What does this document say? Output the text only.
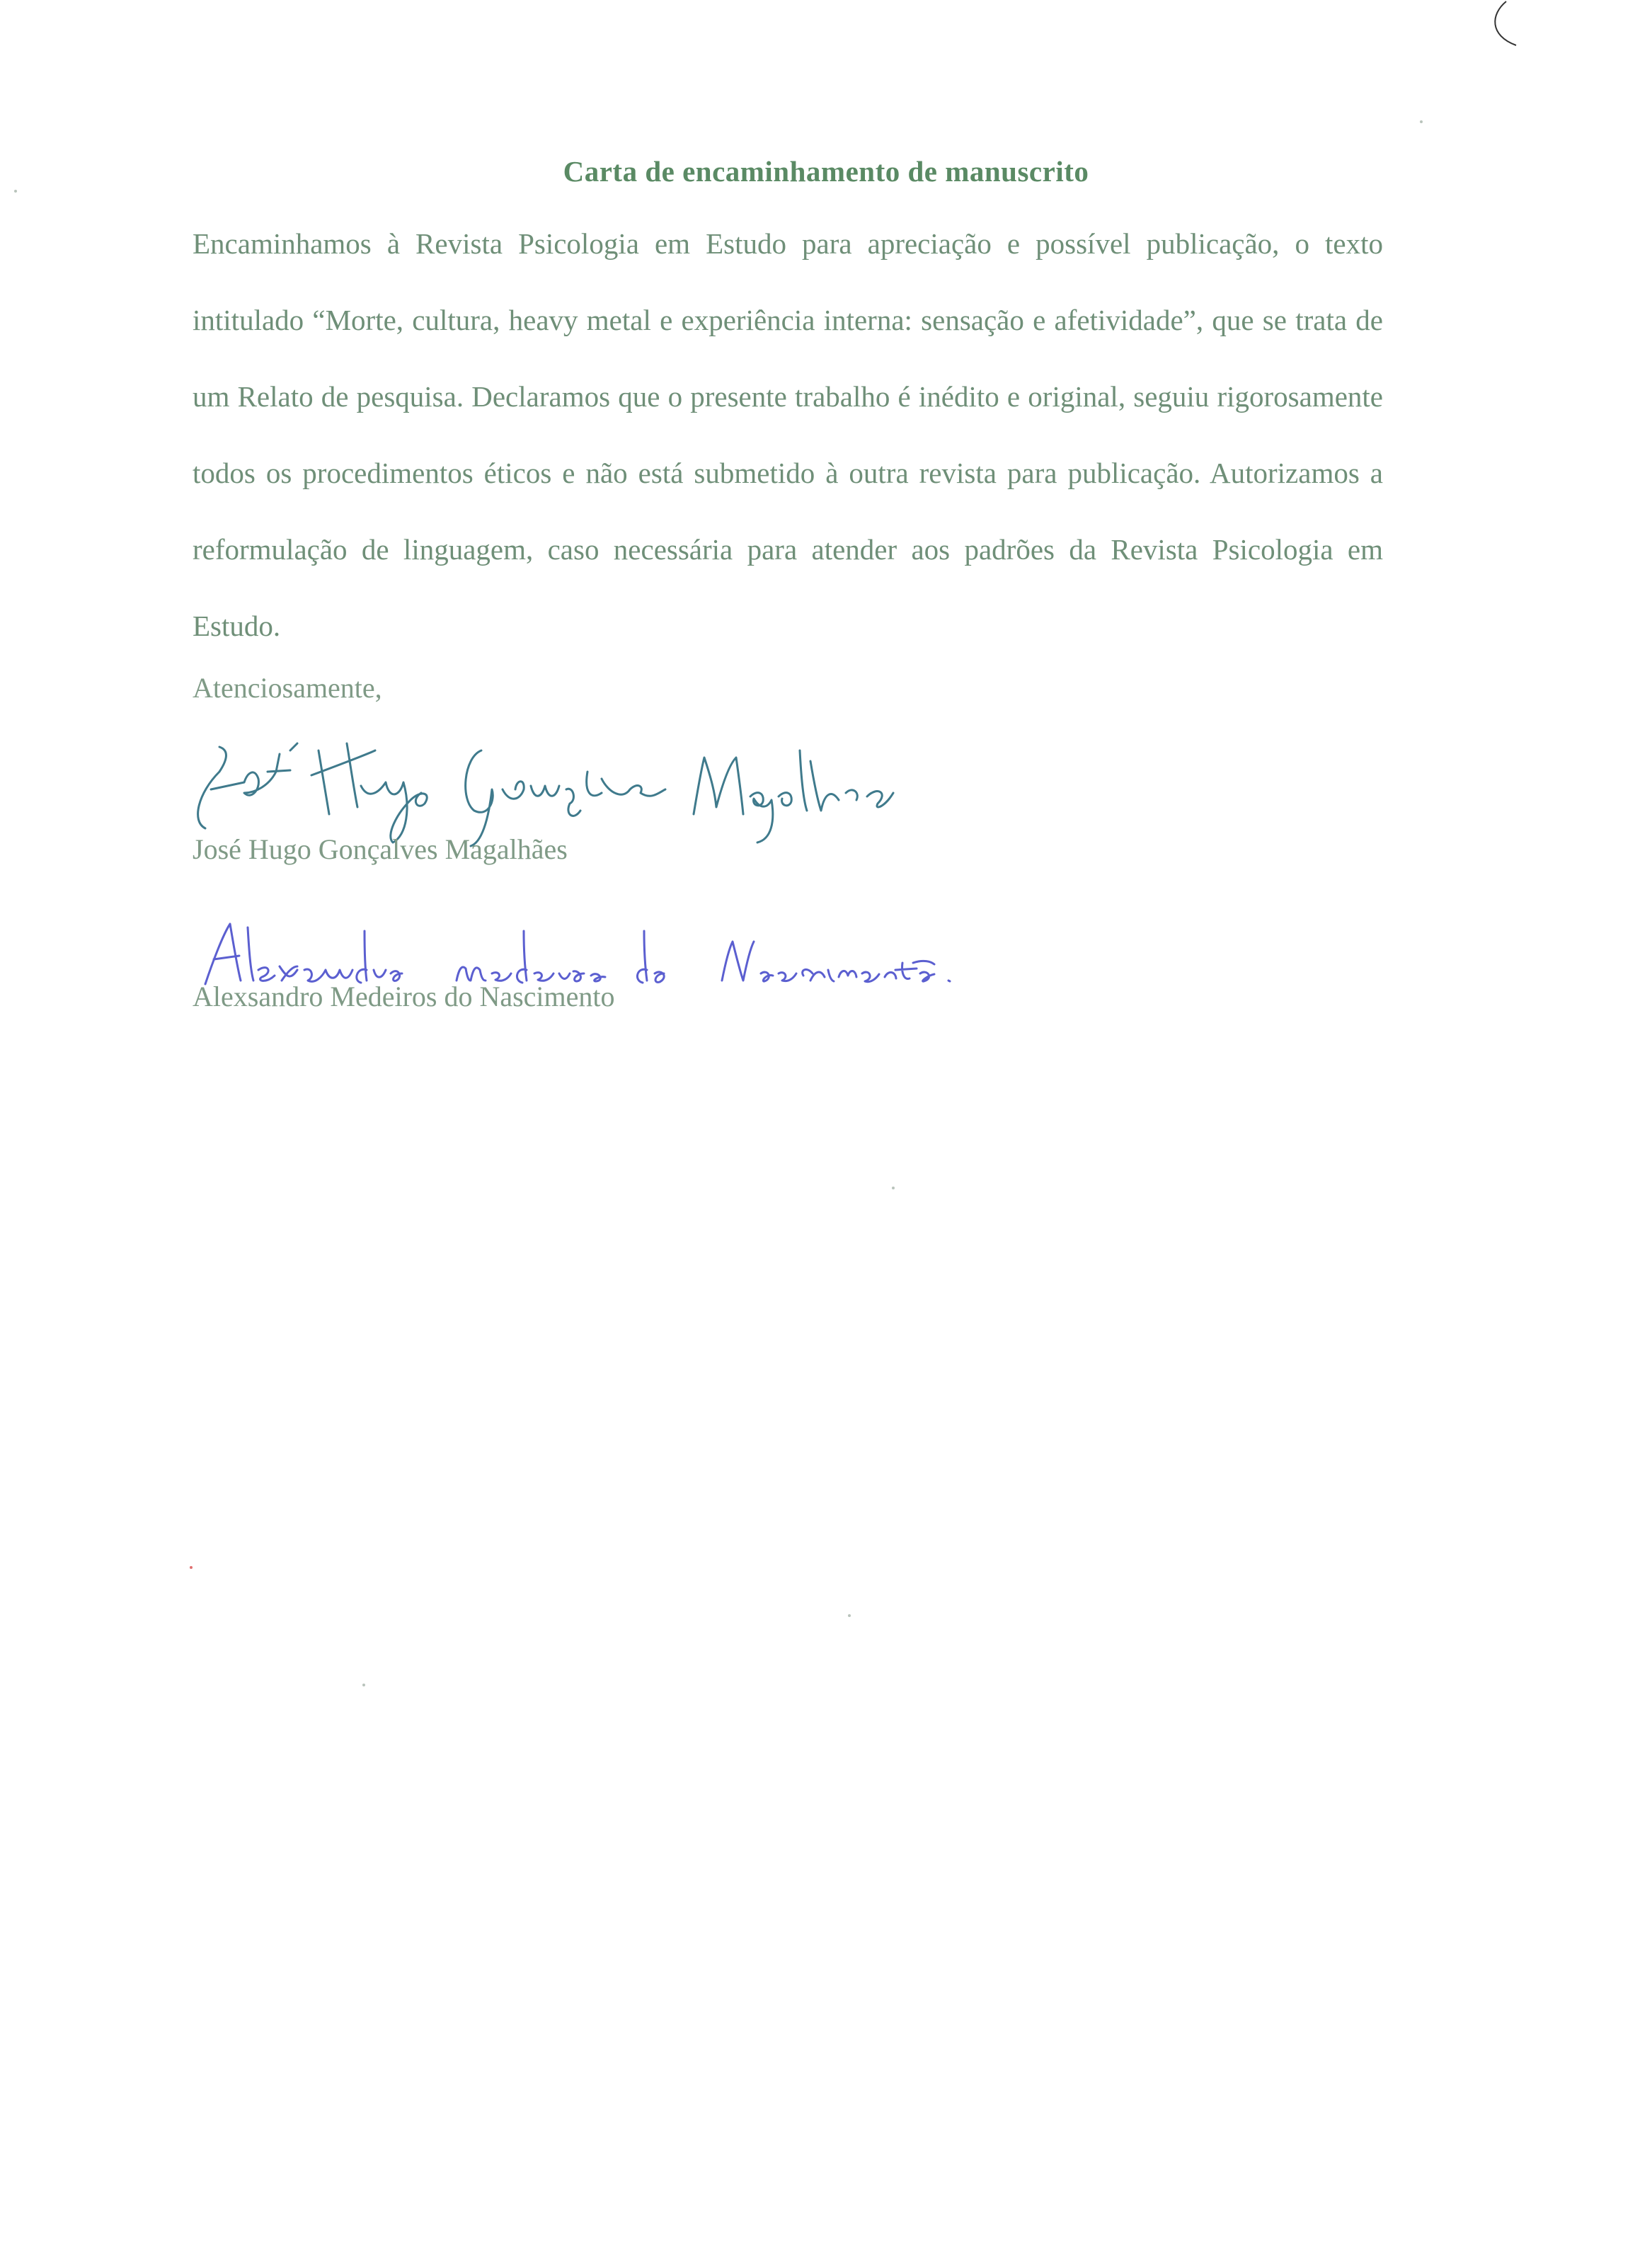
Carta de encaminhamento de manuscrito

Encaminhamos à Revista Psicologia em Estudo para apreciação e possível publicação, o texto intitulado “Morte, cultura, heavy metal e experiência interna: sensação e afetividade”, que se trata de um Relato de pesquisa. Declaramos que o presente trabalho é inédito e original, seguiu rigorosamente todos os procedimentos éticos e não está submetido à outra revista para publicação. Autorizamos a reformulação de linguagem, caso necessária para atender aos padrões da Revista Psicologia em Estudo.

Atenciosamente,

José Hugo Gonçalves Magalhães

Alexsandro Medeiros do Nascimento
